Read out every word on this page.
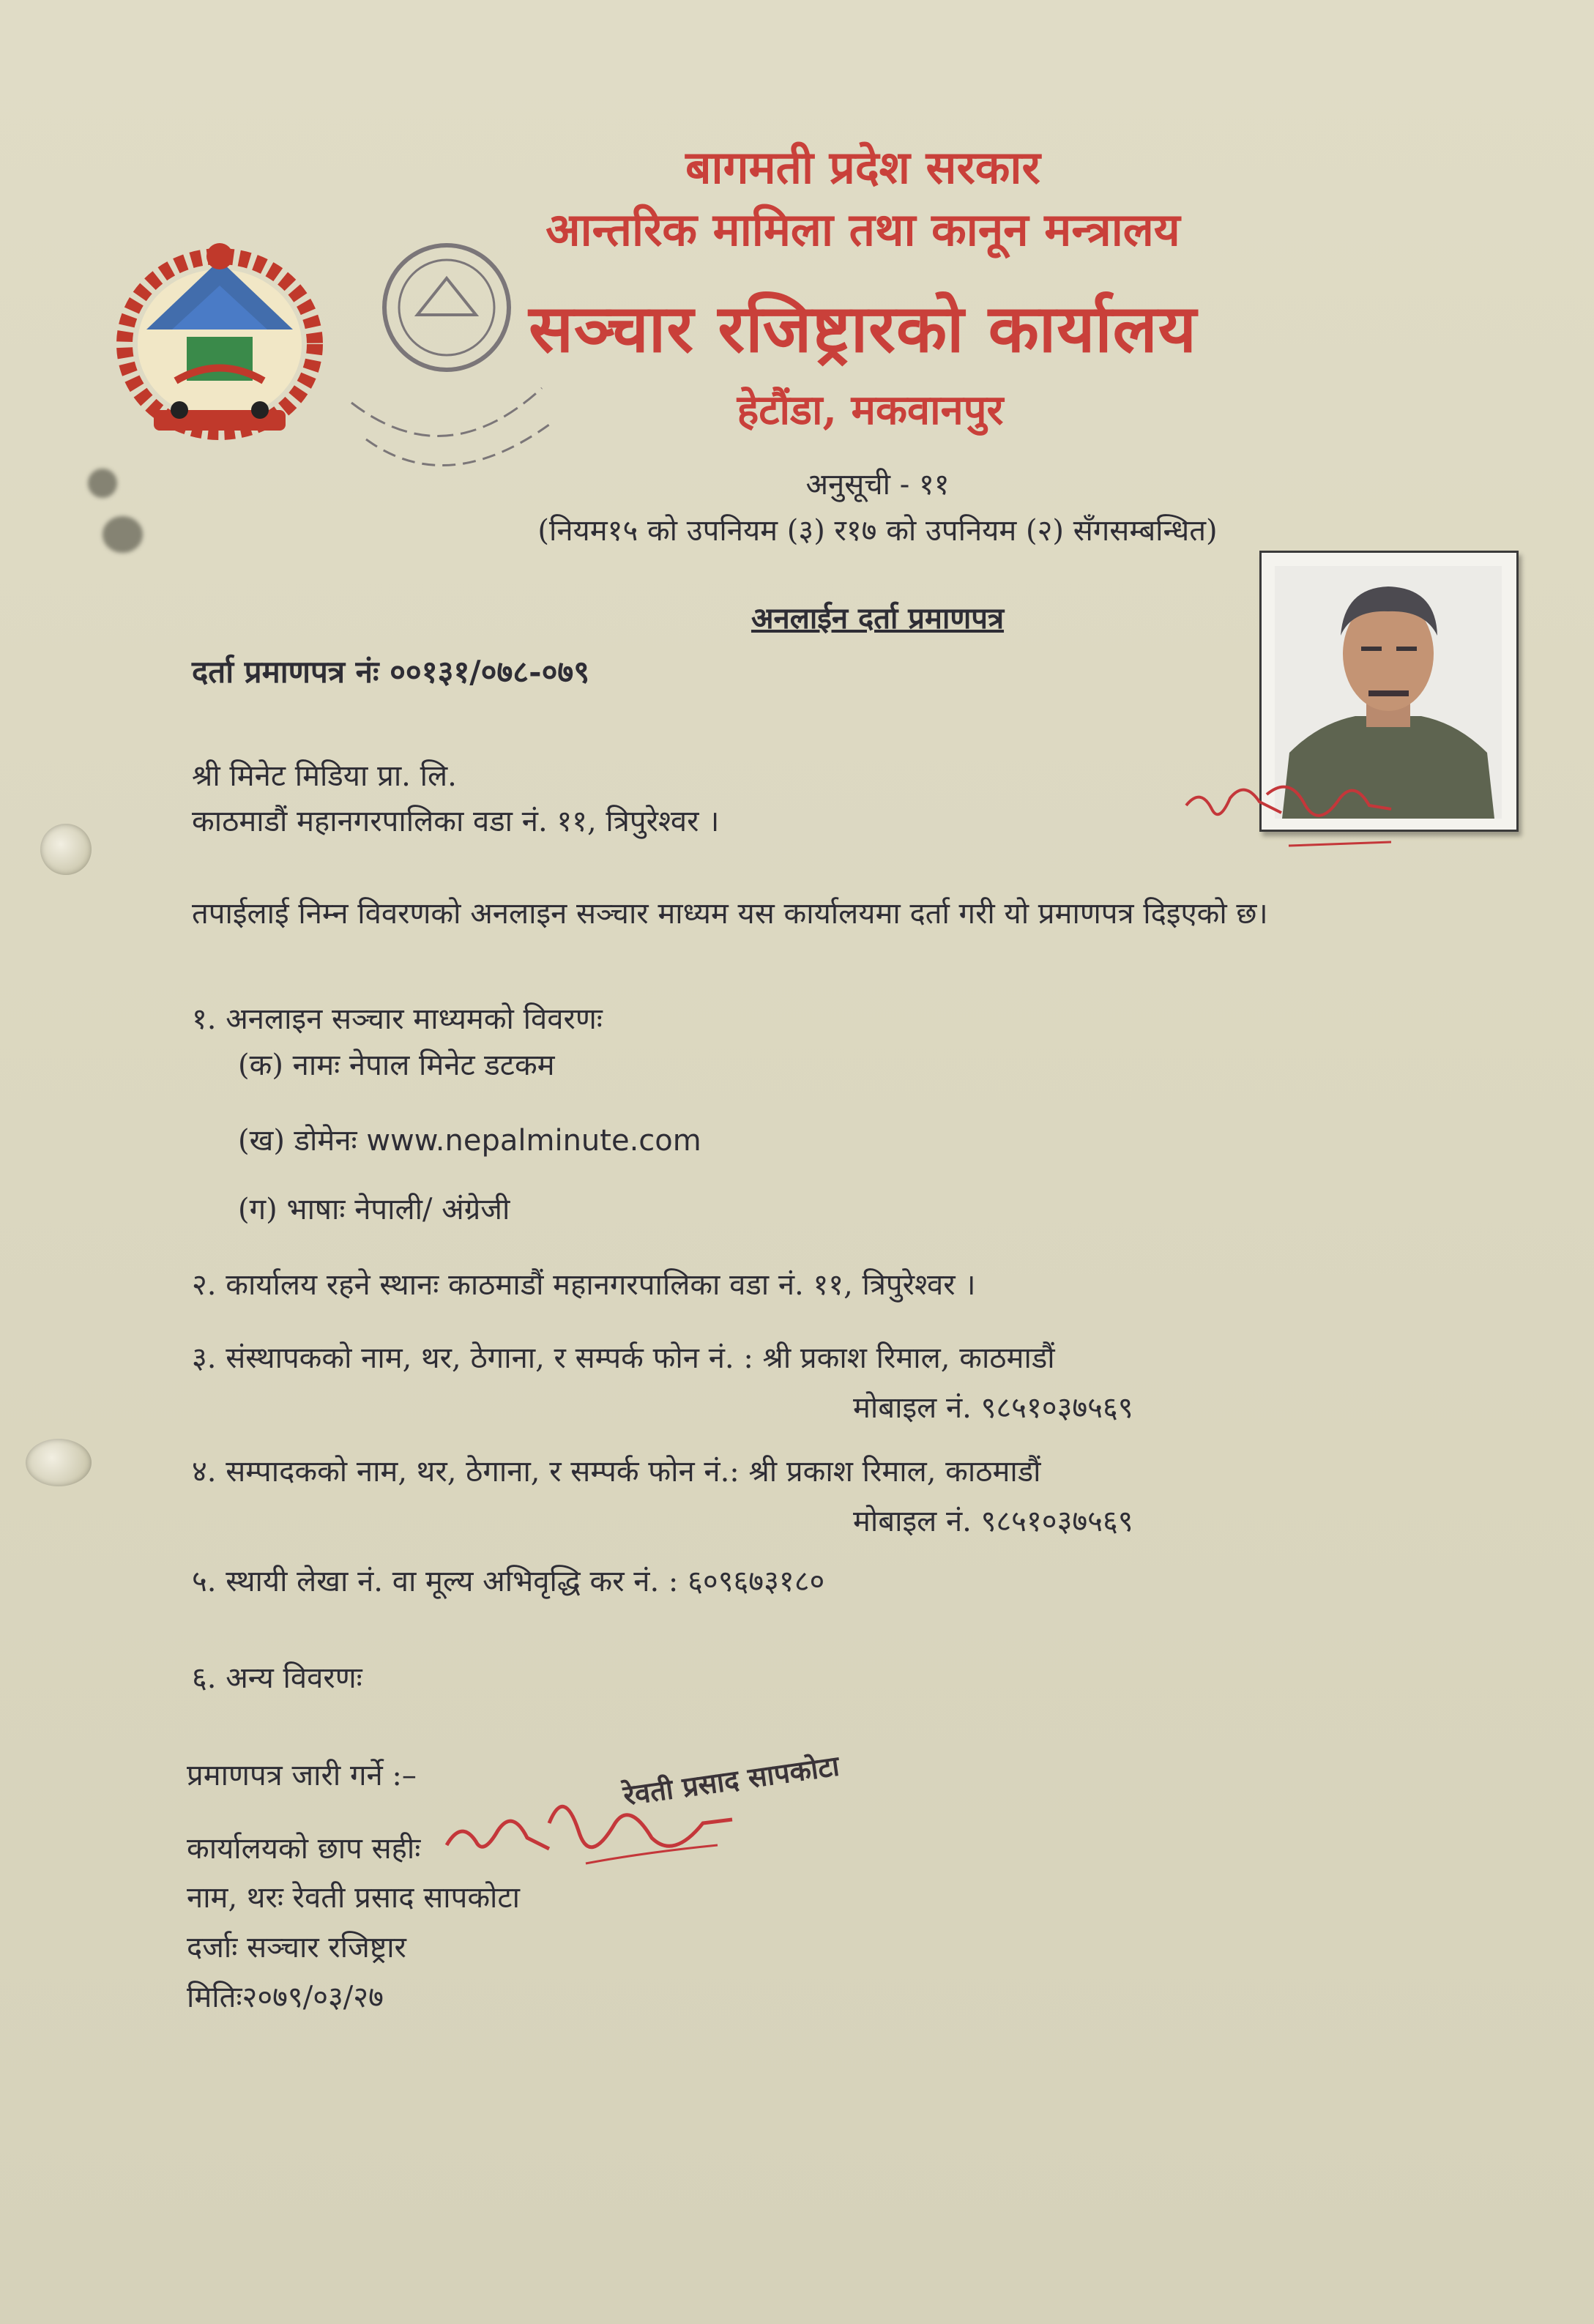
बागमती प्रदेश सरकार
आन्तरिक मामिला तथा कानून मन्त्रालय
सञ्चार रजिष्ट्रारको कार्यालय
हेटौंडा, मकवानपुर
अनुसूची - ११
(नियम१५ को उपनियम (३) र१७ को उपनियम (२) सँगसम्बन्धित)
अनलाईन दर्ता प्रमाणपत्र
दर्ता प्रमाणपत्र नंः ००१३१/०७८-०७९
श्री मिनेट मिडिया प्रा. लि.
काठमाडौं महानगरपालिका वडा नं. ११, त्रिपुरेश्वर ।
तपाईलाई निम्न विवरणको अनलाइन सञ्चार माध्यम यस कार्यालयमा दर्ता गरी यो प्रमाणपत्र दिइएको छ।
१. अनलाइन सञ्चार माध्यमको विवरणः
(क) नामः नेपाल मिनेट डटकम
(ख) डोमेनः www.nepalminute.com
(ग) भाषाः नेपाली/ अंग्रेजी
२. कार्यालय रहने स्थानः काठमाडौं महानगरपालिका वडा नं. ११, त्रिपुरेश्वर ।
३. संस्थापकको नाम, थर, ठेगाना, र सम्पर्क फोन नं. : श्री प्रकाश रिमाल, काठमाडौं
मोबाइल नं. ९८५१०३७५६९
४. सम्पादकको नाम, थर, ठेगाना, र सम्पर्क फोन नं.: श्री प्रकाश रिमाल, काठमाडौं
मोबाइल नं. ९८५१०३७५६९
५. स्थायी लेखा नं. वा मूल्य अभिवृद्धि कर नं. : ६०९६७३१८०
६. अन्य विवरणः
प्रमाणपत्र जारी गर्ने :–
कार्यालयको छाप सहीः
नाम, थरः रेवती प्रसाद सापकोटा
दर्जाः सञ्चार रजिष्ट्रार
मितिः२०७९/०३/२७
रेवती प्रसाद सापकोटा
